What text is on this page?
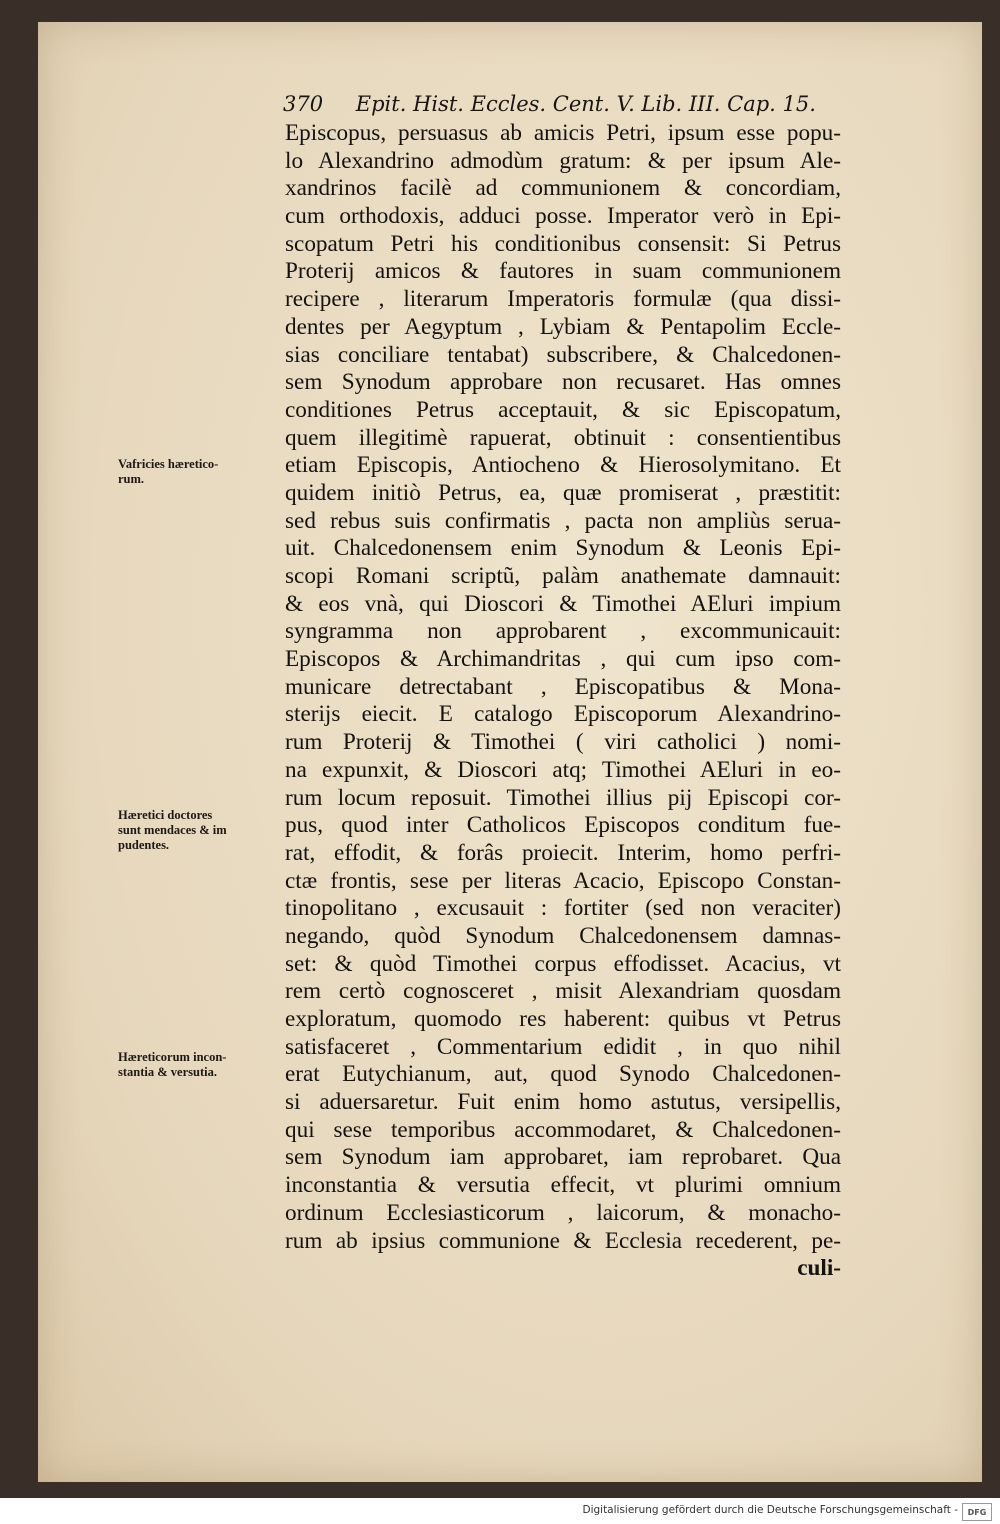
370 Epit. Hist. Eccles. Cent. V. Lib. III. Cap. 15.
Episcopus, persuasus ab amicis Petri, ipsum esse popu-
lo Alexandrino admodùm gratum: & per ipsum Ale-
xandrinos facilè ad communionem & concordiam,
cum orthodoxis, adduci posse. Imperator verò in Epi-
scopatum Petri his conditionibus consensit: Si Petrus
Proterij amicos & fautores in suam communionem
recipere , literarum Imperatoris formulæ (qua dissi-
dentes per Aegyptum , Lybiam & Pentapolim Eccle-
sias conciliare tentabat) subscribere, & Chalcedonen-
sem Synodum approbare non recusaret. Has omnes
conditiones Petrus acceptauit, & sic Episcopatum,
quem illegitimè rapuerat, obtinuit : consentientibus
etiam Episcopis, Antiocheno & Hierosolymitano. Et
quidem initiò Petrus, ea, quæ promiserat , præstitit:
sed rebus suis confirmatis , pacta non ampliùs serua-
uit. Chalcedonensem enim Synodum & Leonis Epi-
scopi Romani scriptũ, palàm anathemate damnauit:
& eos vnà, qui Dioscori & Timothei AEluri impium
syngramma non approbarent , excommunicauit:
Episcopos & Archimandritas , qui cum ipso com-
municare detrectabant , Episcopatibus & Mona-
sterijs eiecit. E catalogo Episcoporum Alexandrino-
rum Proterij & Timothei ( viri catholici ) nomi-
na expunxit, & Dioscori atq; Timothei AEluri in eo-
rum locum reposuit. Timothei illius pij Episcopi cor-
pus, quod inter Catholicos Episcopos conditum fue-
rat, effodit, & forâs proiecit. Interim, homo perfri-
ctæ frontis, sese per literas Acacio, Episcopo Constan-
tinopolitano , excusauit : fortiter (sed non veraciter)
negando, quòd Synodum Chalcedonensem damnas-
set: & quòd Timothei corpus effodisset. Acacius, vt
rem certò cognosceret , misit Alexandriam quosdam
exploratum, quomodo res haberent: quibus vt Petrus
satisfaceret , Commentarium edidit , in quo nihil
erat Eutychianum, aut, quod Synodo Chalcedonen-
si aduersaretur. Fuit enim homo astutus, versipellis,
qui sese temporibus accommodaret, & Chalcedonen-
sem Synodum iam approbaret, iam reprobaret. Qua
inconstantia & versutia effecit, vt plurimi omnium
ordinum Ecclesiasticorum , laicorum, & monacho-
rum ab ipsius communione & Ecclesia recederent, pe-
culi-
Vafricies hæretico-
rum.
Hæretici doctores
sunt mendaces & im
pudentes.
Hæreticorum incon-
stantia & versutia.
Digitalisierung gefördert durch die Deutsche Forschungsgemeinschaft -	DFG
